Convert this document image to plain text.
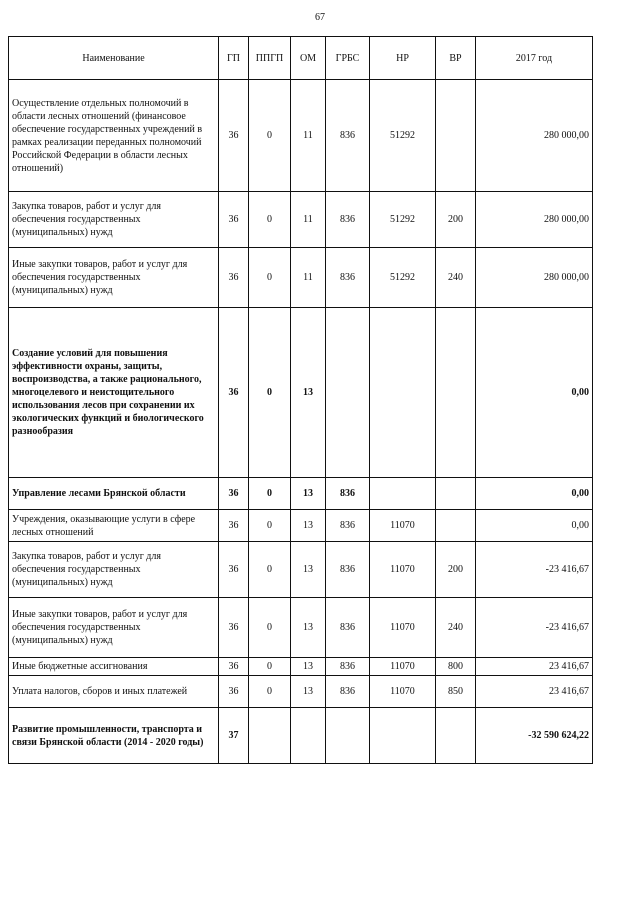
67
Наименование	ГП	ППГП	ОМ	ГРБС	НР	ВР	2017 год
Осуществление отдельных полномочий в области лесных отношений (финансовое обеспечение государственных учреждений в рамках реализации переданных полномочий Российской Федерации в области лесных отношений)	36	0	11	836	51292		280 000,00
Закупка товаров, работ и услуг для обеспечения государственных (муниципальных) нужд	36	0	11	836	51292	200	280 000,00
Иные закупки товаров, работ и услуг для обеспечения государственных (муниципальных) нужд	36	0	11	836	51292	240	280 000,00
Создание условий для повышения эффективности охраны, защиты, воспроизводства, а также рационального, многоцелевого и неистощительного использования лесов при сохранении их экологических функций и биологического разнообразия	36	0	13				0,00
Управление лесами Брянской области	36	0	13	836			0,00
Учреждения, оказывающие услуги в сфере лесных отношений	36	0	13	836	11070		0,00
Закупка товаров, работ и услуг для обеспечения государственных (муниципальных) нужд	36	0	13	836	11070	200	-23 416,67
Иные закупки товаров, работ и услуг для обеспечения государственных (муниципальных) нужд	36	0	13	836	11070	240	-23 416,67
Иные бюджетные ассигнования	36	0	13	836	11070	800	23 416,67
Уплата налогов, сборов и иных платежей	36	0	13	836	11070	850	23 416,67
Развитие промышленности, транспорта и связи Брянской области (2014 - 2020 годы)	37						-32 590 624,22
